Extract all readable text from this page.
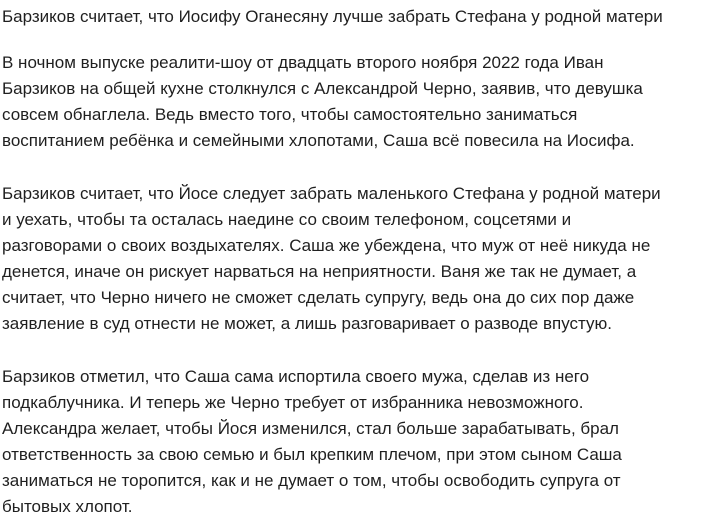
Барзиков считает, что Иосифу Оганесяну лучше забрать Стефана у родной матери

В ночном выпуске реалити-шоу от двадцать второго ноября 2022 года Иван
Барзиков на общей кухне столкнулся с Александрой Черно, заявив, что девушка
совсем обнаглела. Ведь вместо того, чтобы самостоятельно заниматься
воспитанием ребёнка и семейными хлопотами, Саша всё повесила на Иосифа.

Барзиков считает, что Йосе следует забрать маленького Стефана у родной матери
и уехать, чтобы та осталась наедине со своим телефоном, соцсетями и
разговорами о своих воздыхателях. Саша же убеждена, что муж от неё никуда не
денется, иначе он рискует нарваться на неприятности. Ваня же так не думает, а
считает, что Черно ничего не сможет сделать супругу, ведь она до сих пор даже
заявление в суд отнести не может, а лишь разговаривает о разводе впустую.

Барзиков отметил, что Саша сама испортила своего мужа, сделав из него
подкаблучника. И теперь же Черно требует от избранника невозможного.
Александра желает, чтобы Йося изменился, стал больше зарабатывать, брал
ответственность за свою семью и был крепким плечом, при этом сыном Саша
заниматься не торопится, как и не думает о том, чтобы освободить супруга от
бытовых хлопот.
